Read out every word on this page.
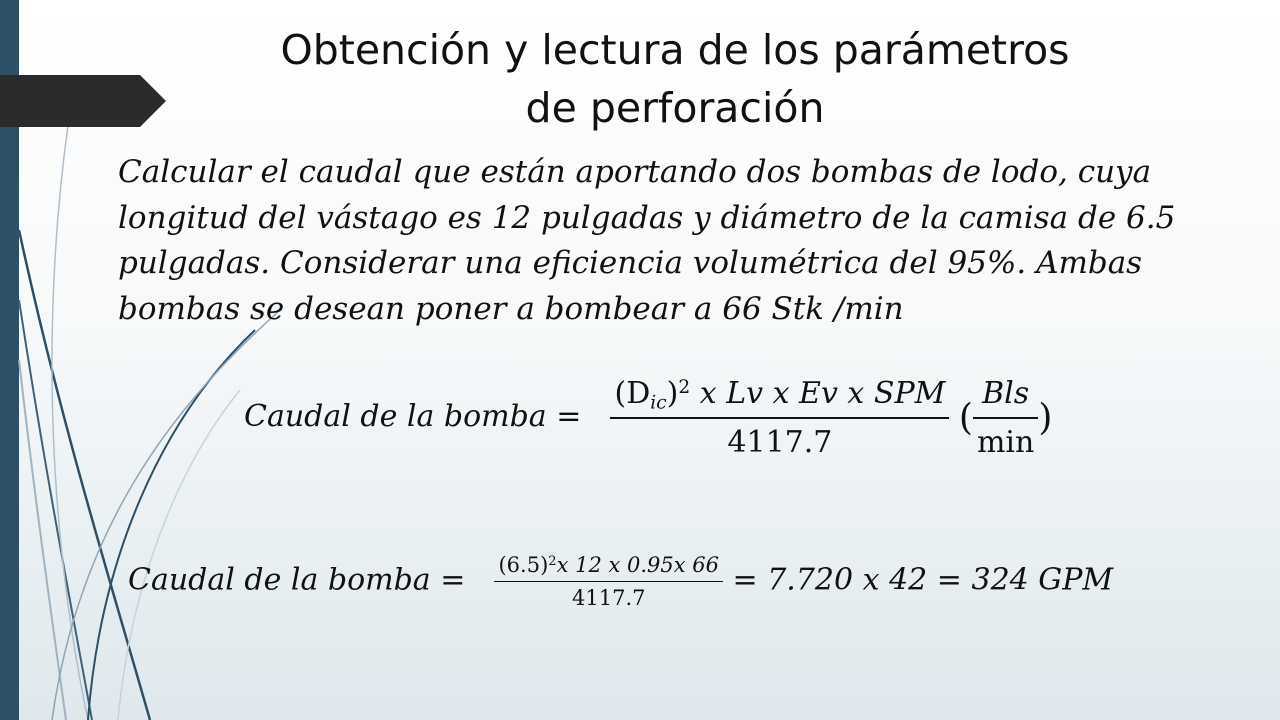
Obtención y lectura de los parámetros
de perforación
Calcular el caudal que están aportando dos bombas de lodo, cuya
longitud del vástago es 12 pulgadas y diámetro de la camisa de 6.5
pulgadas. Considerar una eficiencia volumétrica del 95%. Ambas
bombas se desean poner a bombear a 66 Stk /min
Caudal de la bomba = $\frac{(D_{ic})^2 x Lv x Ev x SPM}{4117.7}$ ( $\frac{\text{Bls}}{\min}$ )
Caudal de la bomba = $\frac{(6.5)^2x 12 x 0.95x 66}{4117.7} = 7.720$ x 42 = 324 GPM
